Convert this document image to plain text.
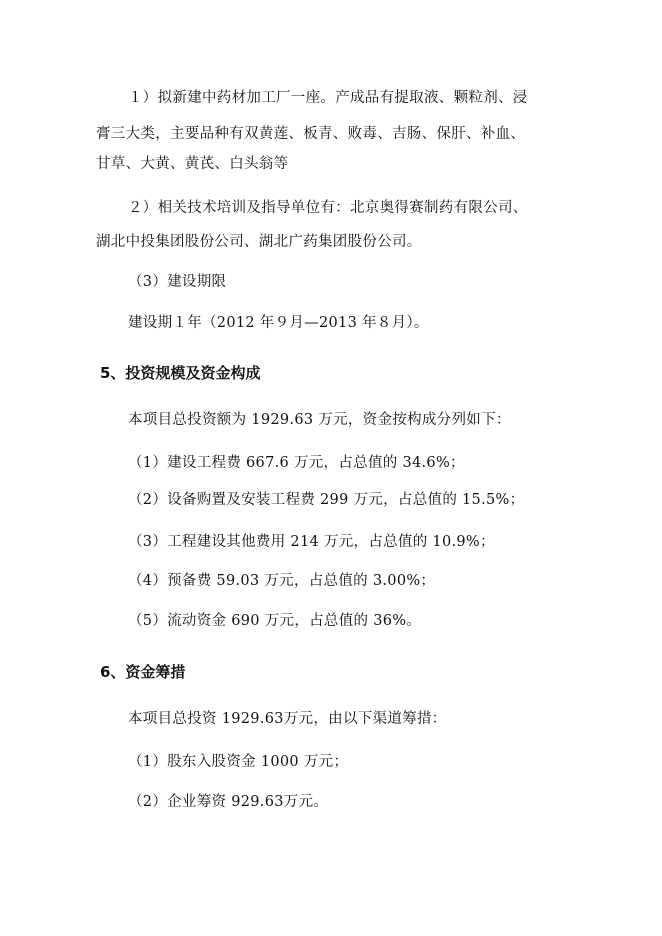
１）拟新建中药材加工厂一座。产成品有提取液、颗粒剂、浸
膏三大类，主要品种有双黄莲、板青、败毒、吉肠、保肝、补血、
甘草、大黄、黄芪、白头翁等
２）相关技术培训及指导单位有：北京奥得赛制药有限公司、
湖北中投集团股份公司、湖北广药集团股份公司。
（3）建设期限
建设期１年（2012 年９月—2013 年８月）。
5、投资规模及资金构成
本项目总投资额为 1929.63 万元，资金按构成分列如下：
（1）建设工程费 667.6 万元，占总值的 34.6%；
（2）设备购置及安装工程费 299 万元，占总值的 15.5%；
（3）工程建设其他费用 214 万元，占总值的 10.9%；
（4）预备费 59.03 万元，占总值的 3.00%；
（5）流动资金 690 万元，占总值的 36%。
6、资金筹措
本项目总投资 1929.63万元，由以下渠道筹措：
（1）股东入股资金 1000 万元；
（2）企业筹资 929.63万元。
